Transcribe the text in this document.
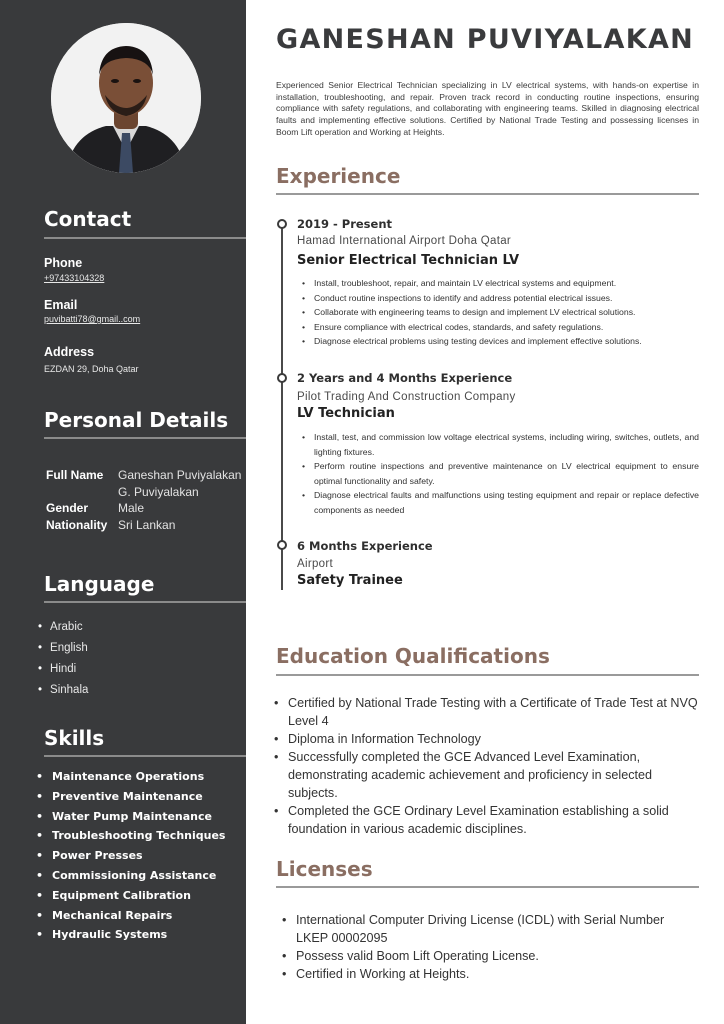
Contact
Phone
+97433104328
Email
puvibatti78@gmail..com
Address
EZDAN 29, Doha Qatar
Personal Details
Full Name	Ganeshan Puviyalakan
G. Puviyalakan
Gender	Male
Nationality Sri Lankan
Language
• Arabic
• English
• Hindi
• Sinhala
Skills
• Maintenance Operations
• Preventive Maintenance
• Water Pump Maintenance
• Troubleshooting Techniques
• Power Presses
• Commissioning Assistance
• Equipment Calibration
• Mechanical Repairs
• Hydraulic Systems
GANESHAN PUVIYALAKAN

Experienced Senior Electrical Technician specializing in LV electrical systems, with hands-on expertise in installation, troubleshooting, and repair. Proven track record in conducting routine inspections, ensuring compliance with safety regulations, and collaborating with engineering teams. Skilled in diagnosing electrical faults and implementing effective solutions. Certified by National Trade Testing and possessing licenses in Boom Lift operation and Working at Heights.

Experience
2019 - Present
Hamad International Airport Doha Qatar
Senior Electrical Technician LV
• Install, troubleshoot, repair, and maintain LV electrical systems and equipment.
• Conduct routine inspections to identify and address potential electrical issues.
• Collaborate with engineering teams to design and implement LV electrical solutions.
• Ensure compliance with electrical codes, standards, and safety regulations.
• Diagnose electrical problems using testing devices and implement effective solutions.
2 Years and 4 Months Experience
Pilot Trading And Construction Company
LV Technician
• Install, test, and commission low voltage electrical systems, including wiring, switches, outlets, and lighting fixtures.
• Perform routine inspections and preventive maintenance on LV electrical equipment to ensure optimal functionality and safety.
• Diagnose electrical faults and malfunctions using testing equipment and repair or replace defective components as needed
6 Months Experience
Airport
Safety Trainee
Education Qualifications
• Certified by National Trade Testing with a Certificate of Trade Test at NVQ Level 4
• Diploma in Information Technology
• Successfully completed the GCE Advanced Level Examination, demonstrating academic achievement and proficiency in selected subjects.
• Completed the GCE Ordinary Level Examination establishing a solid foundation in various academic disciplines.
Licenses
• International Computer Driving License (ICDL) with Serial Number LKEP 00002095
• Possess valid Boom Lift Operating License.
• Certified in Working at Heights.
